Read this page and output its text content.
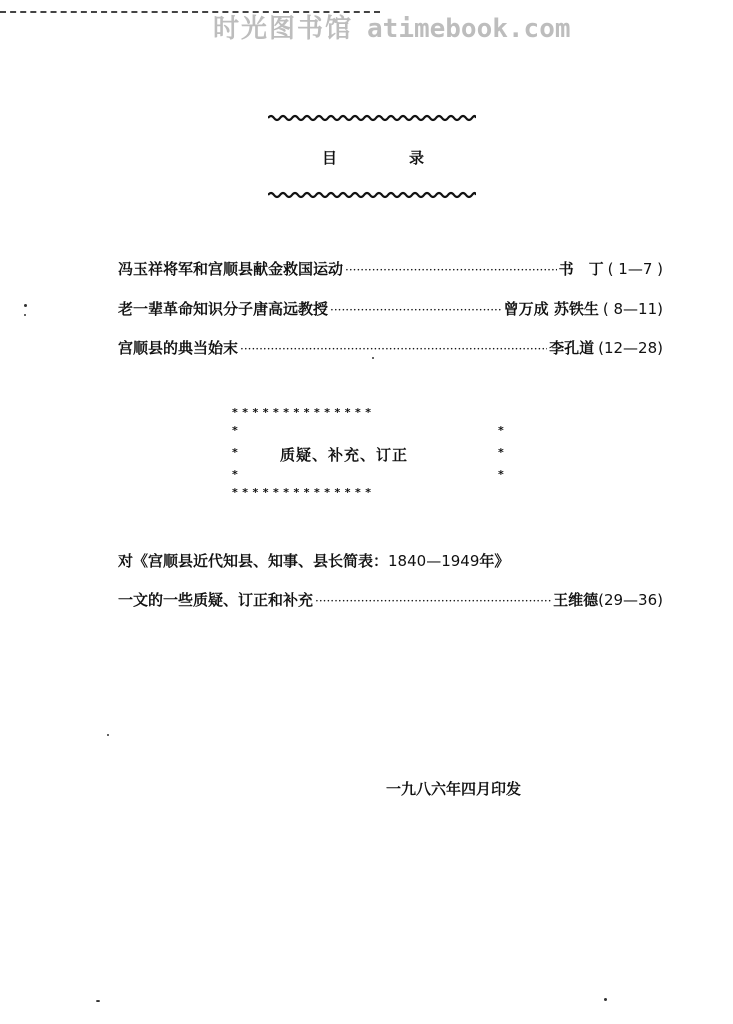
时光图书馆 atimebook.com
目	录
冯玉祥将军和宫顺县献金救国运动 ·····	书　丁 ( 1—7 )
老一辈革命知识分子唐高远教授 ·····	曾万成 苏铁生 ( 8—11)
宫顺县的典当始末 ·····	李孔道 (12—28)
**************
*
*
*
*
*
*
质疑、补充、订正
**************
对《宫顺县近代知县、知事、县长简表：1840—1949年》
一文的一些质疑、订正和补充 ·····	王维德 (29—36)
一九八六年四月印发
